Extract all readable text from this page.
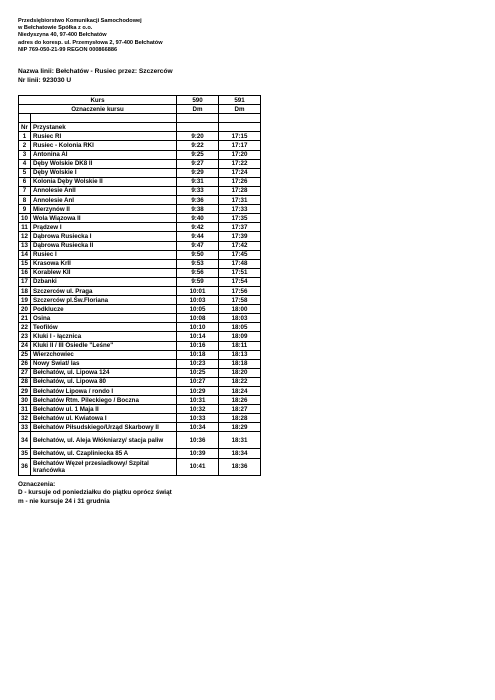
Przedsiębiorstwo Komunikacji Samochodowej
w Bełchatowie Spółka z o.o.
Niedyszyna 40, 97-400 Bełchatów
adres do koresp. ul. Przemysłowa 2, 97-400 Bełchatów
NIP 769-050-21-99 REGON 000866886
Nazwa linii: Bełchatów - Rusiec przez: Szczerców
Nr linii: 923030 U
Kurs		590	591
Oznaczenie kursu		Dm	Dm

Nr	Przystanek		
1	Rusiec RI	9:20	17:15
2	Rusiec - Kolonia RKI	9:22	17:17
3	Antonina AI	9:25	17:20
4	Dęby Wolskie DK8 II	9:27	17:22
5	Dęby Wolskie I	9:29	17:24
6	Kolonia Dęby Wolskie II	9:31	17:26
7	Annolesie AnII	9:33	17:28
8	Annolesie AnI	9:36	17:31
9	Mierzynów II	9:38	17:33
10	Wola Wiązowa II	9:40	17:35
11	Prądzew I	9:42	17:37
12	Dąbrowa Rusiecka I	9:44	17:39
13	Dąbrowa Rusiecka II	9:47	17:42
14	Rusiec I	9:50	17:45
15	Krasowa KrII	9:53	17:48
16	Korablew KII	9:56	17:51
17	Dzbanki	9:59	17:54
18	Szczerców ul. Praga	10:01	17:56
19	Szczerców pl.Św.Floriana	10:03	17:58
20	Podklucze	10:05	18:00
21	Osina	10:08	18:03
22	Teofilów	10:10	18:05
23	Kluki I - łącznica	10:14	18:09
24	Kluki II / III Osiedle "Leśne"	10:16	18:11
25	Wierzchowiec	10:18	18:13
26	Nowy Świat/ las	10:23	18:18
27	Bełchatów, ul. Lipowa 124	10:25	18:20
28	Bełchatów, ul. Lipowa 80	10:27	18:22
29	Bełchatów Lipowa / rondo I	10:29	18:24
30	Bełchatów Rtm. Pileckiego / Boczna	10:31	18:26
31	Bełchatów ul. 1 Maja II	10:32	18:27
32	Bełchatów ul. Kwiatowa I	10:33	18:28
33	Bełchatów Piłsudskiego/Urząd Skarbowy II	10:34	18:29
34	Bełchatów, ul. Aleja Włókniarzy/ stacja paliw	10:36	18:31
35	Bełchatów, ul. Czapliniecka 85 A	10:39	18:34
36	Bełchatów Węzeł przesiadkowy/ Szpital krańcówka	10:41	18:36
Oznaczenia:
D - kursuje od poniedziałku do piątku oprócz świąt
m - nie kursuje 24 i 31 grudnia
